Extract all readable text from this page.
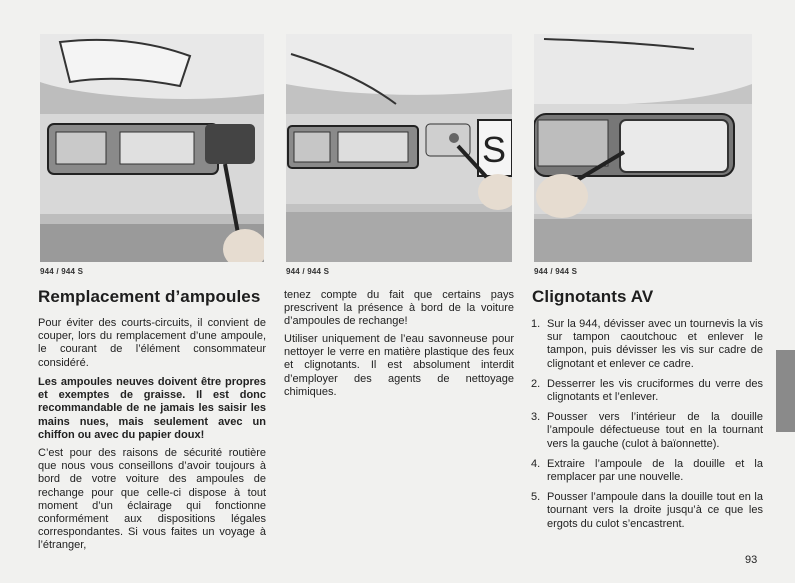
944 / 944 S
S
944 / 944 S	944 / 944 S
Remplacement d’ampoules

Pour éviter des courts-circuits, il convient de couper, lors du remplacement d’une ampoule, le courant de l’élément consommateur considéré.

Les ampoules neuves doivent être propres et exemptes de graisse. Il est donc recommandable de ne jamais les saisir les mains nues, mais seulement avec un chiffon ou avec du papier doux!

C’est pour des raisons de sécurité routière que nous vous conseillons d’avoir toujours à bord de votre voiture des ampoules de rechange pour que celle-ci dispose à tout moment d’un éclairage qui fonctionne conformément aux dispositions légales correspondantes. Si vous faites un voyage à l’étranger,

tenez compte du fait que certains pays prescrivent la présence à bord de la voiture d’ampoules de rechange!

Utiliser uniquement de l’eau savonneuse pour nettoyer le verre en matière plastique des feux et clignotants. Il est absolument interdit d’employer des agents de nettoyage chimiques.

Clignotants AV
1. Sur la 944, dévisser avec un tournevis la vis sur tampon caoutchouc et enlever le tampon, puis dévisser les vis sur cadre de clignotant et enlever ce cadre.
2. Desserrer les vis cruciformes du verre des clignotants et l’enlever.
3. Pousser vers l’intérieur de la douille l’ampoule défectueuse tout en la tournant vers la gauche (culot à baïonnette).
4. Extraire l’ampoule de la douille et la remplacer par une nouvelle.
5. Pousser l’ampoule dans la douille tout en la tournant vers la droite jusqu’à ce que les ergots du culot s’encastrent.
93
